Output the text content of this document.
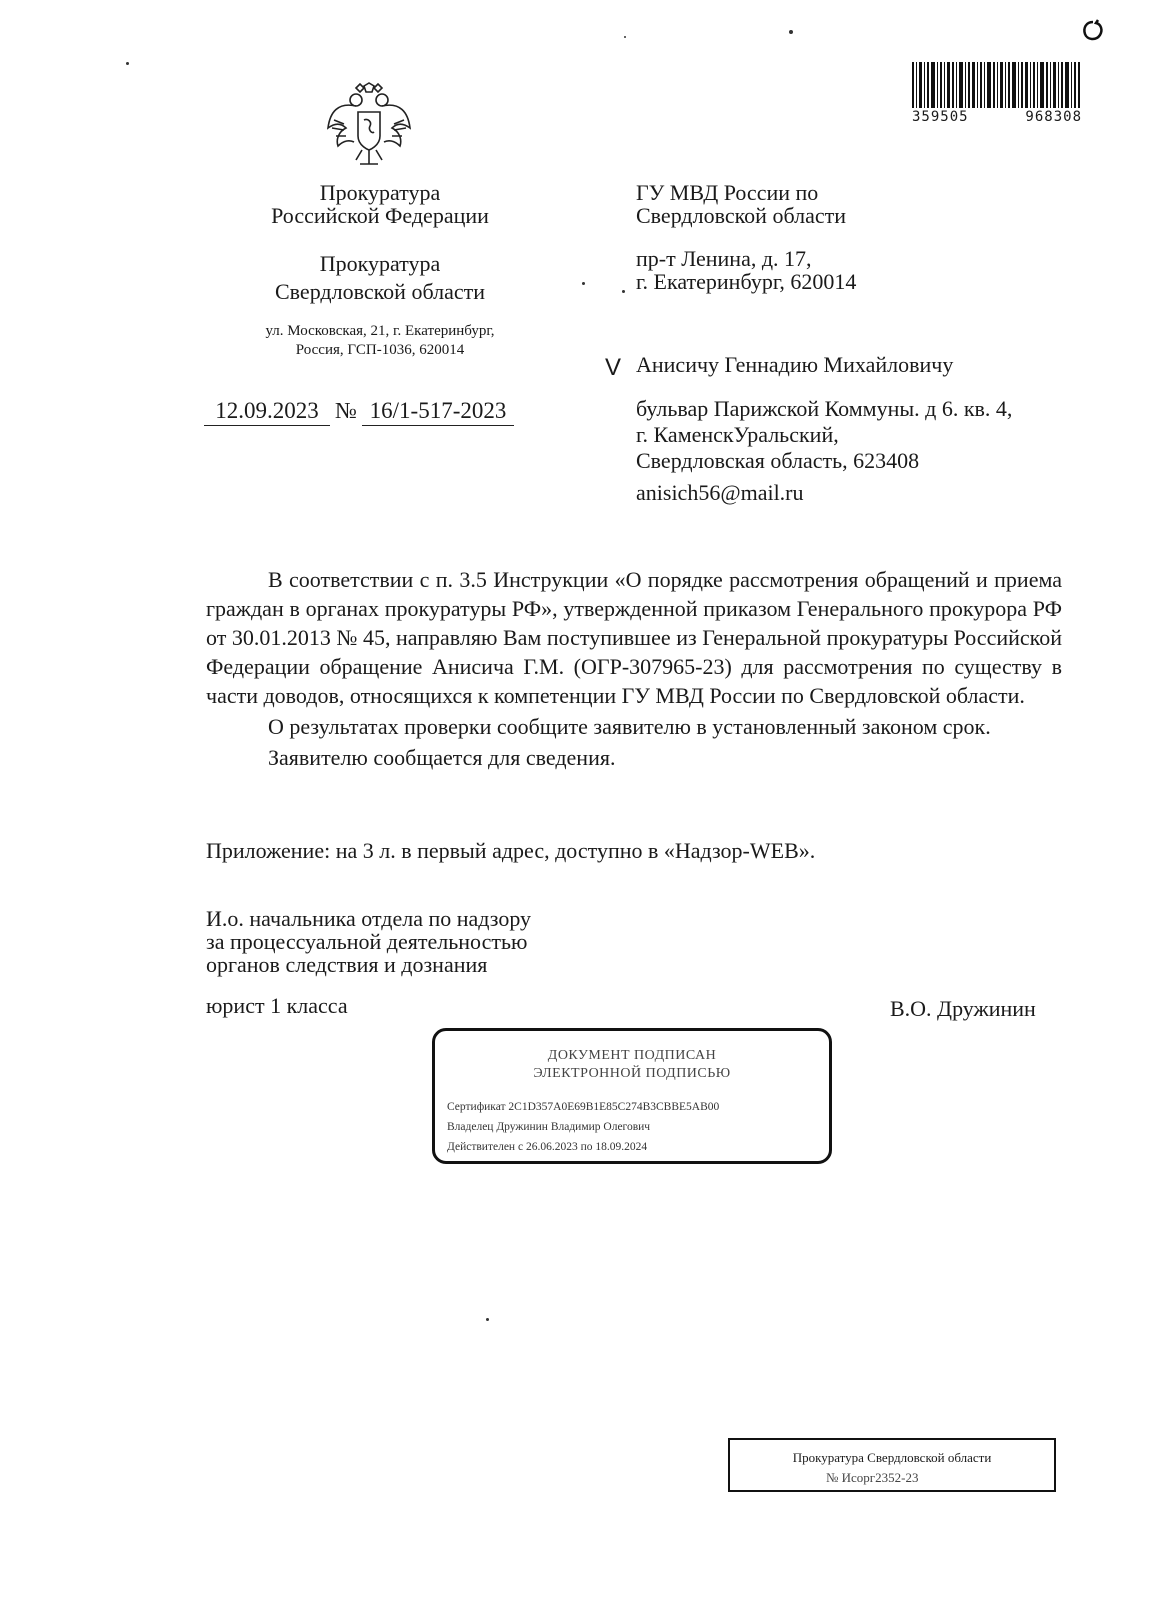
359505	968308
Прокуратура
Российской Федерации
Прокуратура
Свердловской области
ул. Московская, 21, г. Екатеринбург,
Россия, ГСП-1036, 620014
12.09.2023 № 16/1-517-2023
ГУ МВД России по
Свердловской области
пр-т Ленина, д. 17,
г. Екатеринбург, 620014
V Анисичу Геннадию Михайловичу
бульвар Парижской Коммуны. д 6. кв. 4,
г. КаменскУральский,
Свердловская область, 623408
anisich56@mail.ru

В соответствии с п. 3.5 Инструкции «О порядке рассмотрения обращений и приема граждан в органах прокуратуры РФ», утвержденной приказом Генерального прокурора РФ от 30.01.2013 № 45, направляю Вам поступившее из Генеральной прокуратуры Российской Федерации обращение Анисича Г.М. (ОГР-307965-23) для рассмотрения по существу в части доводов, относящихся к компетенции ГУ МВД России по Свердловской области.

О результатах проверки сообщите заявителю в установленный законом срок.

Заявителю сообщается для сведения.

Приложение: на 3 л. в первый адрес, доступно в «Надзор-WEB».
И.о. начальника отдела по надзору
за процессуальной деятельностью
органов следствия и дознания
юрист 1 класса	В.О. Дружинин
ДОКУМЕНТ ПОДПИСАН
ЭЛЕКТРОННОЙ ПОДПИСЬЮ
Сертификат 2C1D357A0E69B1E85C274B3CBBE5AB00
Владелец Дружинин Владимир Олегович
Действителен с 26.06.2023 по 18.09.2024
Прокуратура Свердловской области
№ Исорг2352-23
